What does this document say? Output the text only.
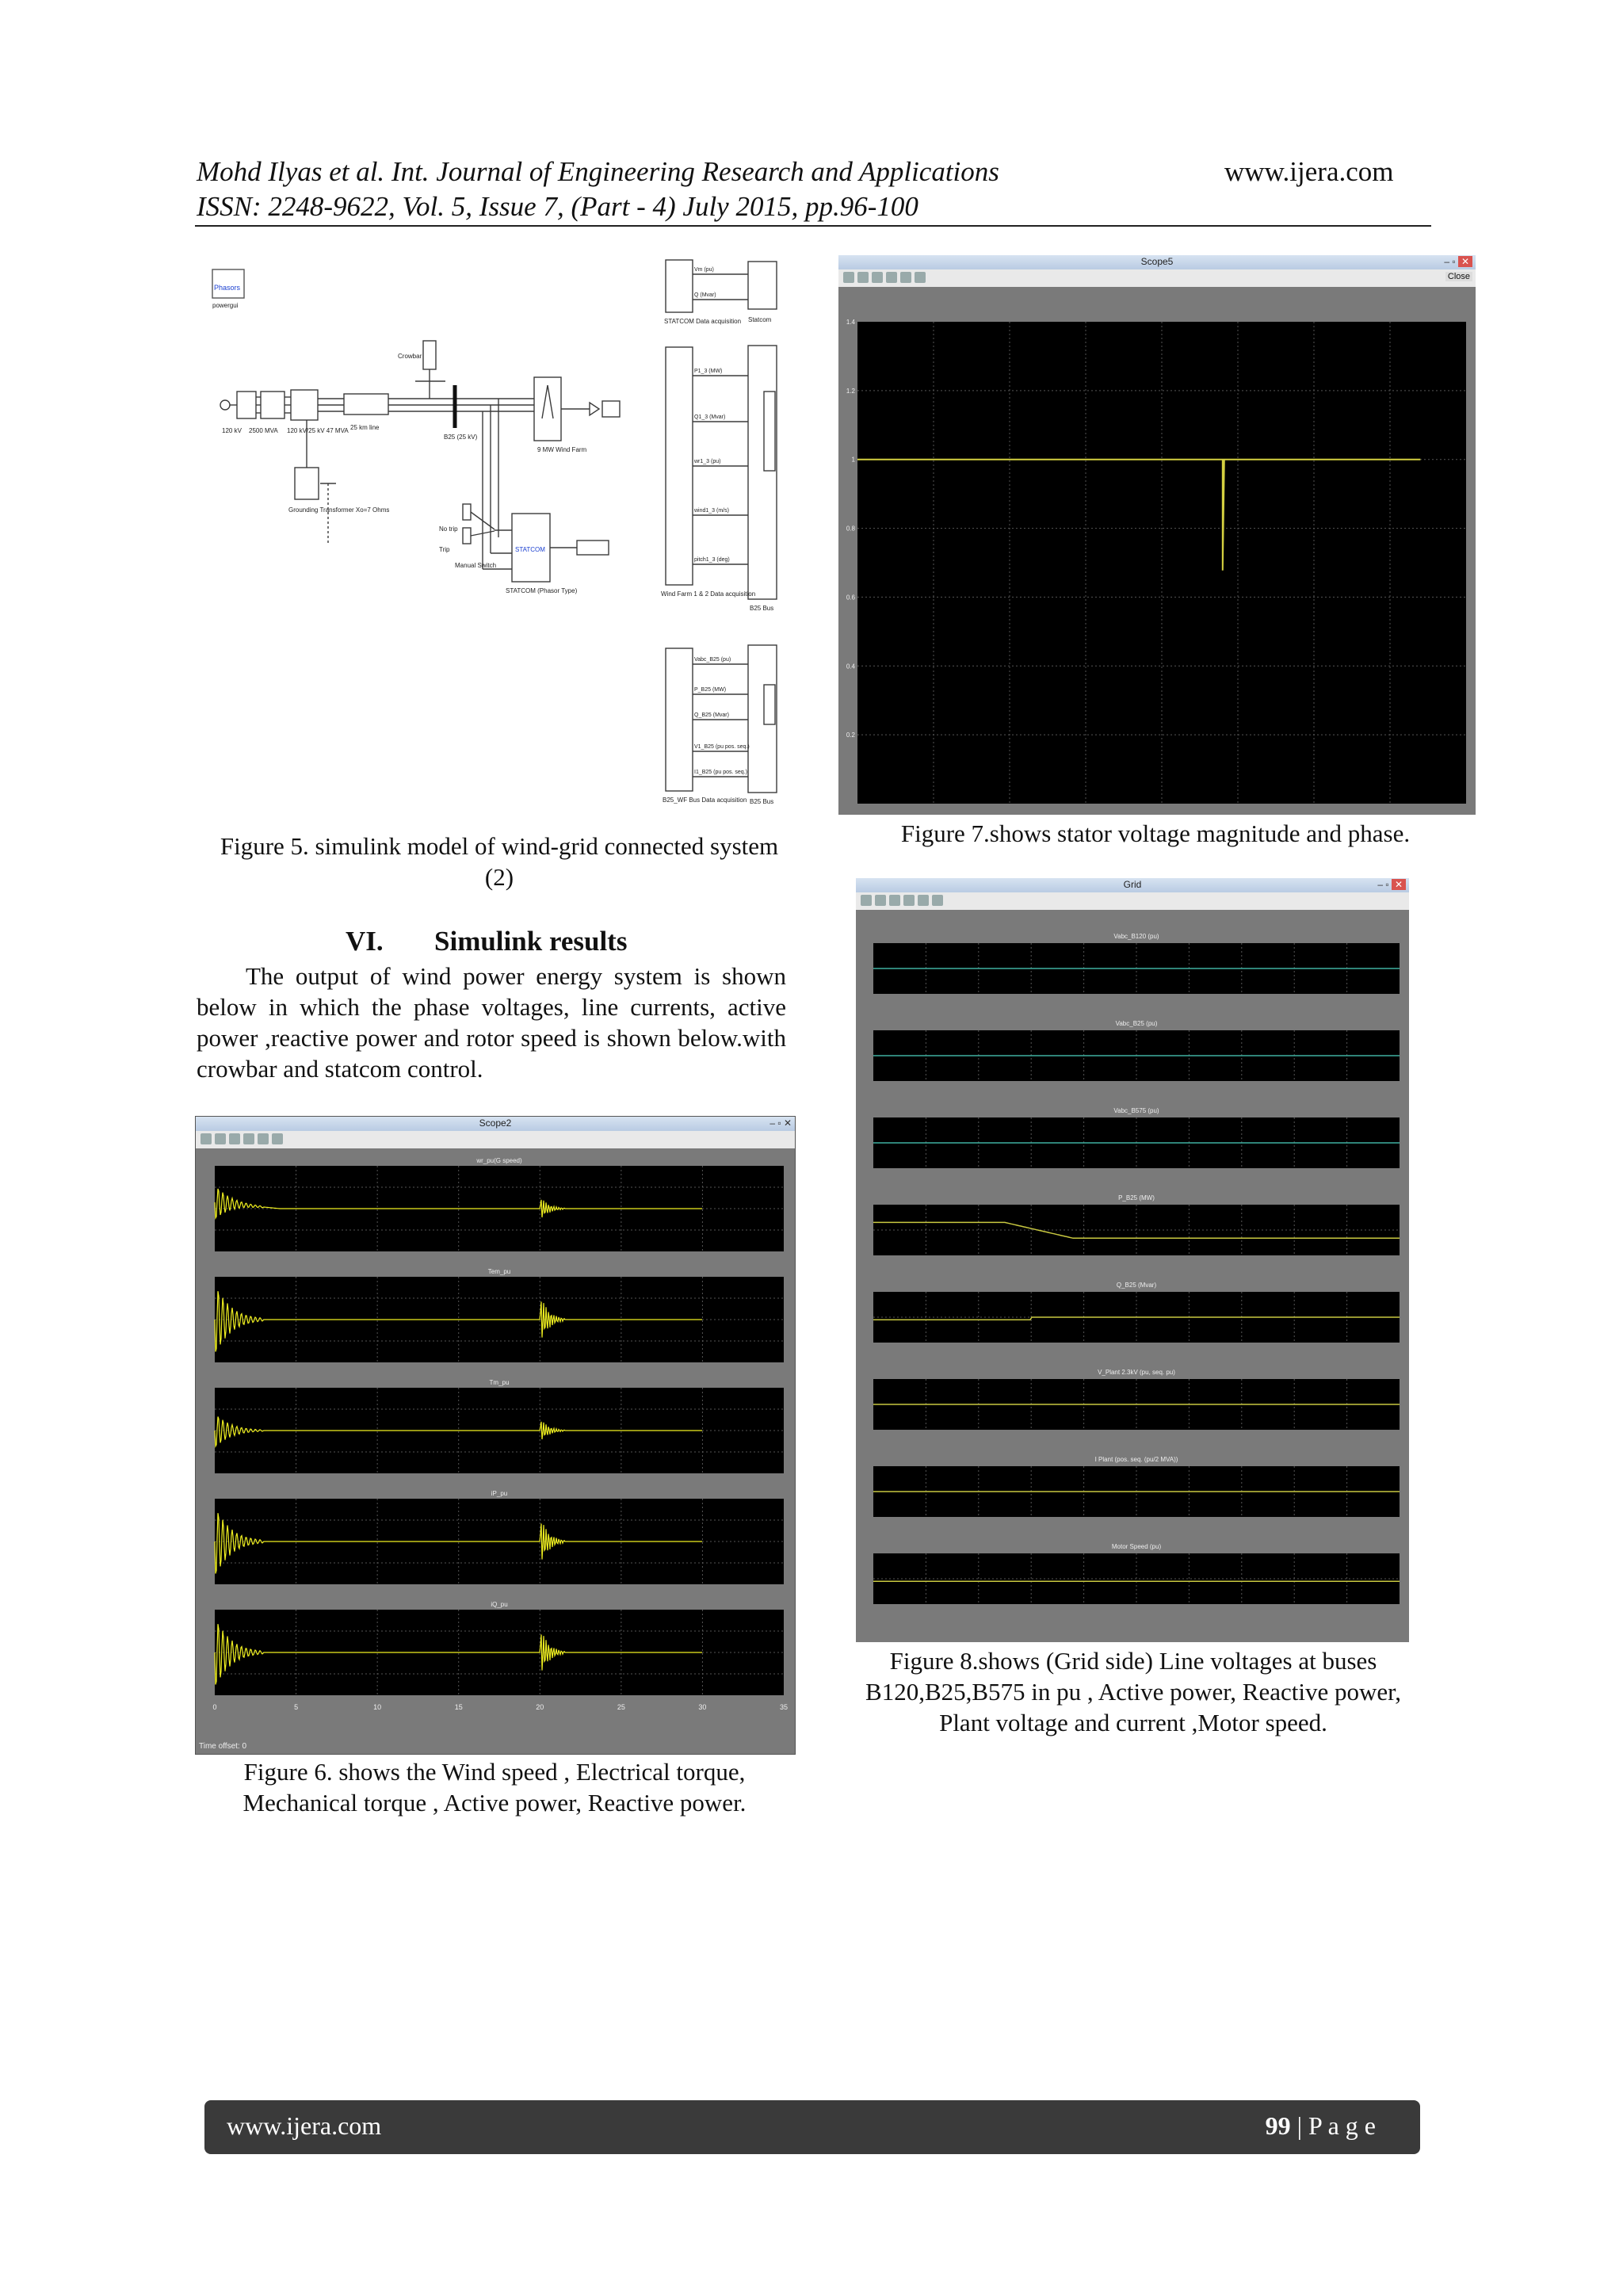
Mohd Ilyas et al. Int. Journal of Engineering Research and Applications	www.ijera.com
ISSN: 2248-9622, Vol. 5, Issue 7, (Part - 4) July 2015, pp.96-100
Phasors
powergui
Crowbar
120 kV 2500 MVA 120 kV/25 kV 47 MVA 25 km line
B25 (25 kV)
9 MW Wind Farm
Grounding Transformer Xo=7 Ohms
STATCOM
STATCOM (Phasor Type)
Manual Switch
No trip
Trip
STATCOM Data acquisition
Wind Farm 1 & 2 Data acquisition
B25_WF Bus Data acquisition
Statcom
B25 Bus
B25 Bus
Vm (pu)
Q (Mvar)
P1_3 (MW)
Q1_3 (Mvar)
wr1_3 (pu)
wind1_3 (m/s)
pitch1_3 (deg)
Vabc_B25 (pu)
P_B25 (MW)
Q_B25 (Mvar)
V1_B25 (pu pos. seq.)
I1_B25 (pu pos. seq.)
Figure 5. simulink model of wind-grid connected system (2)
VI. Simulink results
The output of wind power energy system is shown below in which the phase voltages, line currents, active power ,reactive power and rotor speed is shown below.with crowbar and statcom control.
Scope2	– ▫ ✕
wr_pu(G speed)
Tem_pu
Tm_pu
iP_pu
iQ_pu
0	5	10	15	20	25	30	35
Time offset: 0
Figure 6. shows the Wind speed , Electrical torque, Mechanical torque , Active power, Reactive power.
Scope5	– ▫ ✕
Close
1.4
1.2
1
0.8
0.6
0.4
0.2
Figure 7.shows stator voltage magnitude and phase.
Grid	– ▫ ✕
Vabc_B120 (pu)
Vabc_B25 (pu)
Vabc_B575 (pu)
P_B25 (MW)
Q_B25 (Mvar)
V_Plant 2.3kV (pu, seq. pu)
I Plant (pos. seq. (pu/2 MVA))
Motor Speed (pu)
Figure 8.shows (Grid side) Line voltages at buses B120,B25,B575 in pu , Active power, Reactive power, Plant voltage and current ,Motor speed.
www.ijera.com	99 | P a g e
